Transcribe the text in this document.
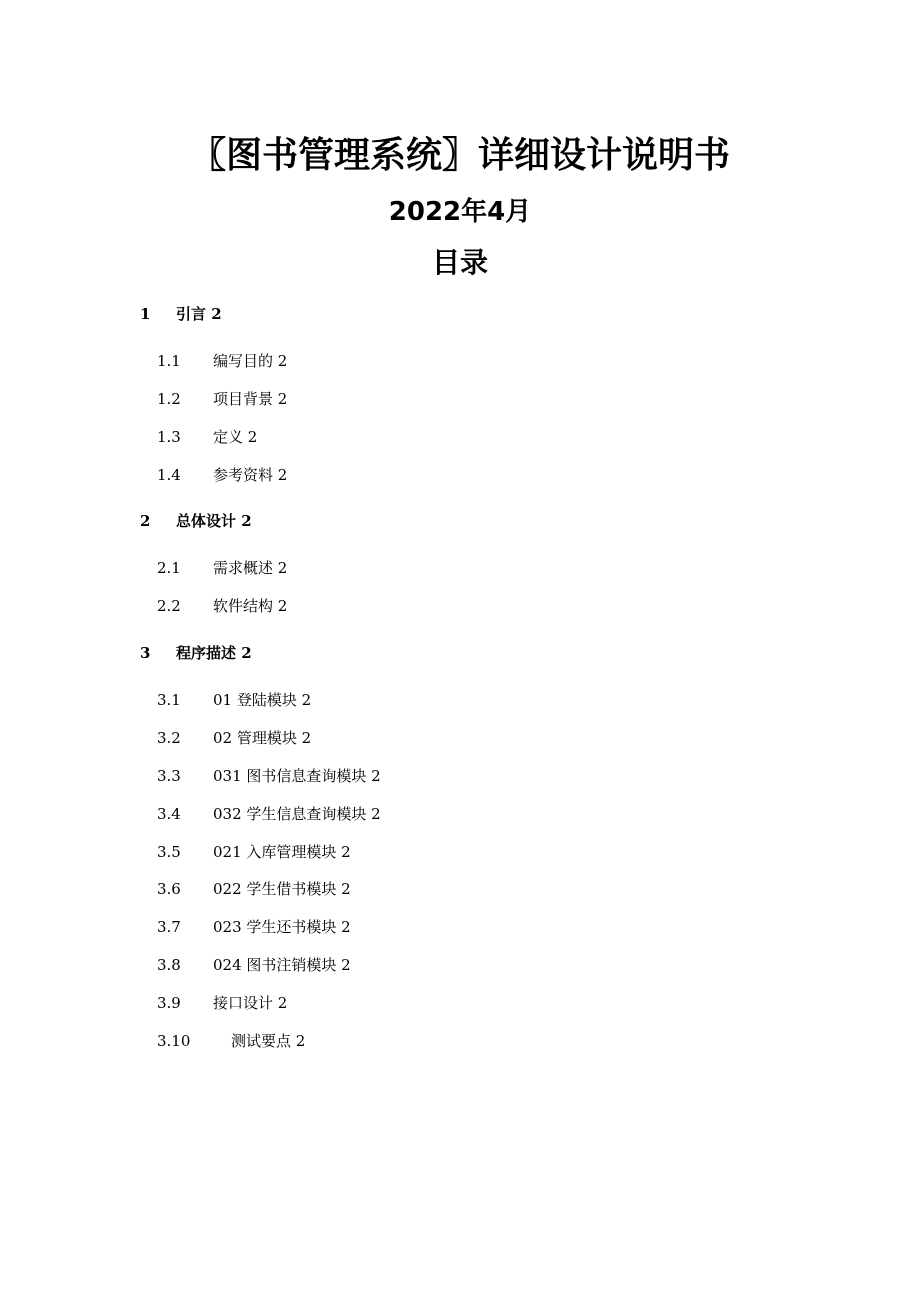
〖图书管理系统〗详细设计说明书
2022年4月
目录
1 引言 2
1.1 编写目的 2
1.2 项目背景 2
1.3 定义 2
1.4 参考资料 2
2 总体设计 2
2.1 需求概述 2
2.2 软件结构 2
3 程序描述 2
3.1 01 登陆模块 2
3.2 02 管理模块 2
3.3 031 图书信息查询模块 2
3.4 032 学生信息查询模块 2
3.5 021 入库管理模块 2
3.6 022 学生借书模块 2
3.7 023 学生还书模块 2
3.8 024 图书注销模块 2
3.9 接口设计 2
3.10	测试要点 2
